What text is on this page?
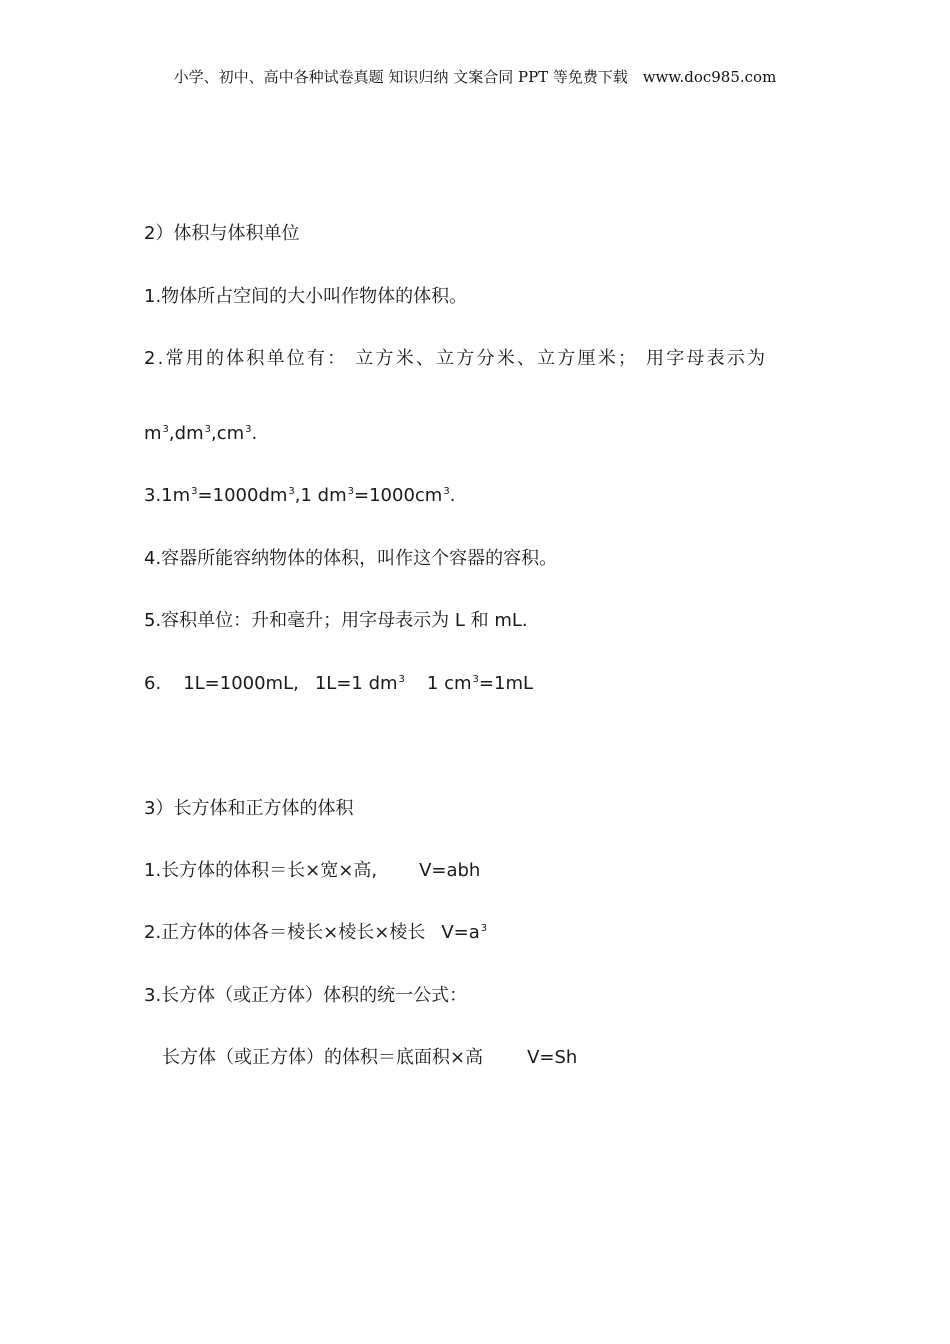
小学、初中、高中各种试卷真题 知识归纳 文案合同 PPT 等免费下载 www.doc985.com
2）体积与体积单位
1.物体所占空间的大小叫作物体的体积。
2.常用的体积单位有： 立方米、立方分米、立方厘米； 用字母表示为
$m^3,dm^3,cm^3$.
$3.1m^3=1000dm^3,1$ $dm^3=1000cm^3$.
4.容器所能容纳物体的体积，叫作这个容器的容积。
5.容积单位：升和毫升；用字母表示为 L 和 mL.
6. 1L=1000mL, 1L=1 $dm^3$ 1 $cm^3=1mL$
3）长方体和正方体的体积
1.长方体的体积＝长×宽×高, V=abh
2.正方体的体各＝棱长×棱长×棱长 $V=a^3$
3.长方体（或正方体）体积的统一公式：
长方体（或正方体）的体积＝底面积×高 V=Sh
